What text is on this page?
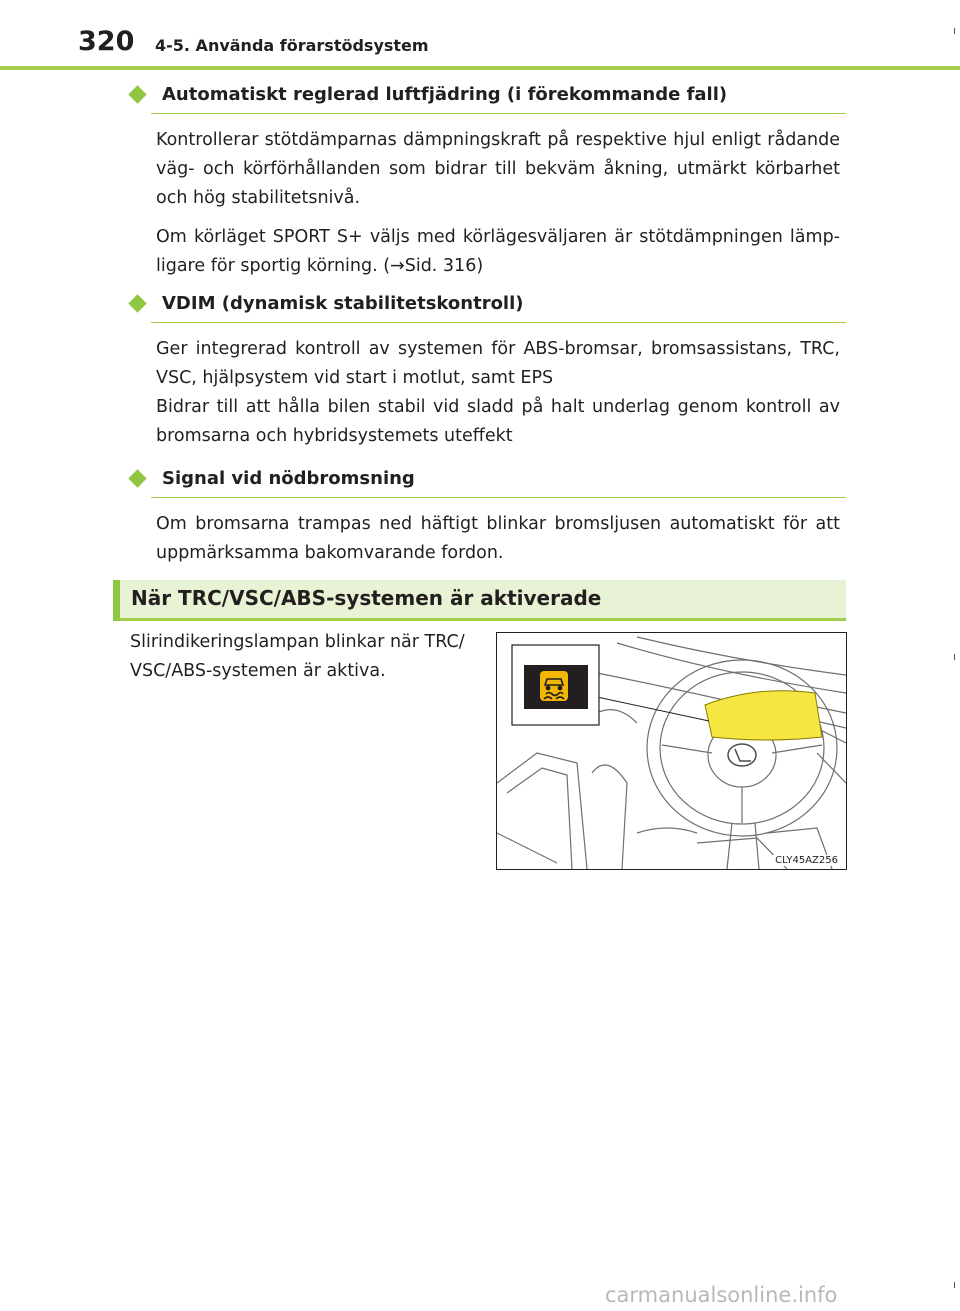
320 4-5. Använda förarstödsystem
Automatiskt reglerad luftfjädring (i förekommande fall)

Kontrollerar stötdämparnas dämpningskraft på respektive hjul enligt rådande väg- och körförhållanden som bidrar till bekväm åkning, utmärkt körbarhet och hög stabilitetsnivå.

Om körläget SPORT S+ väljs med körlägesväljaren är stötdämpningen lämp-ligare för sportig körning. (→Sid. 316)

VDIM (dynamisk stabilitetskontroll)

Ger integrerad kontroll av systemen för ABS-bromsar, bromsassistans, TRC, VSC, hjälpsystem vid start i motlut, samt EPS

Bidrar till att hålla bilen stabil vid sladd på halt underlag genom kontroll av bromsarna och hybridsystemets uteffekt

Signal vid nödbromsning

Om bromsarna trampas ned häftigt blinkar bromsljusen automatiskt för att uppmärksamma bakomvarande fordon.

När TRC/VSC/ABS-systemen är aktiverade
Slirindikeringslampan blinkar när TRC/ VSC/ABS-systemen är aktiva.
CLY45AZ256
carmanualsonline.info
